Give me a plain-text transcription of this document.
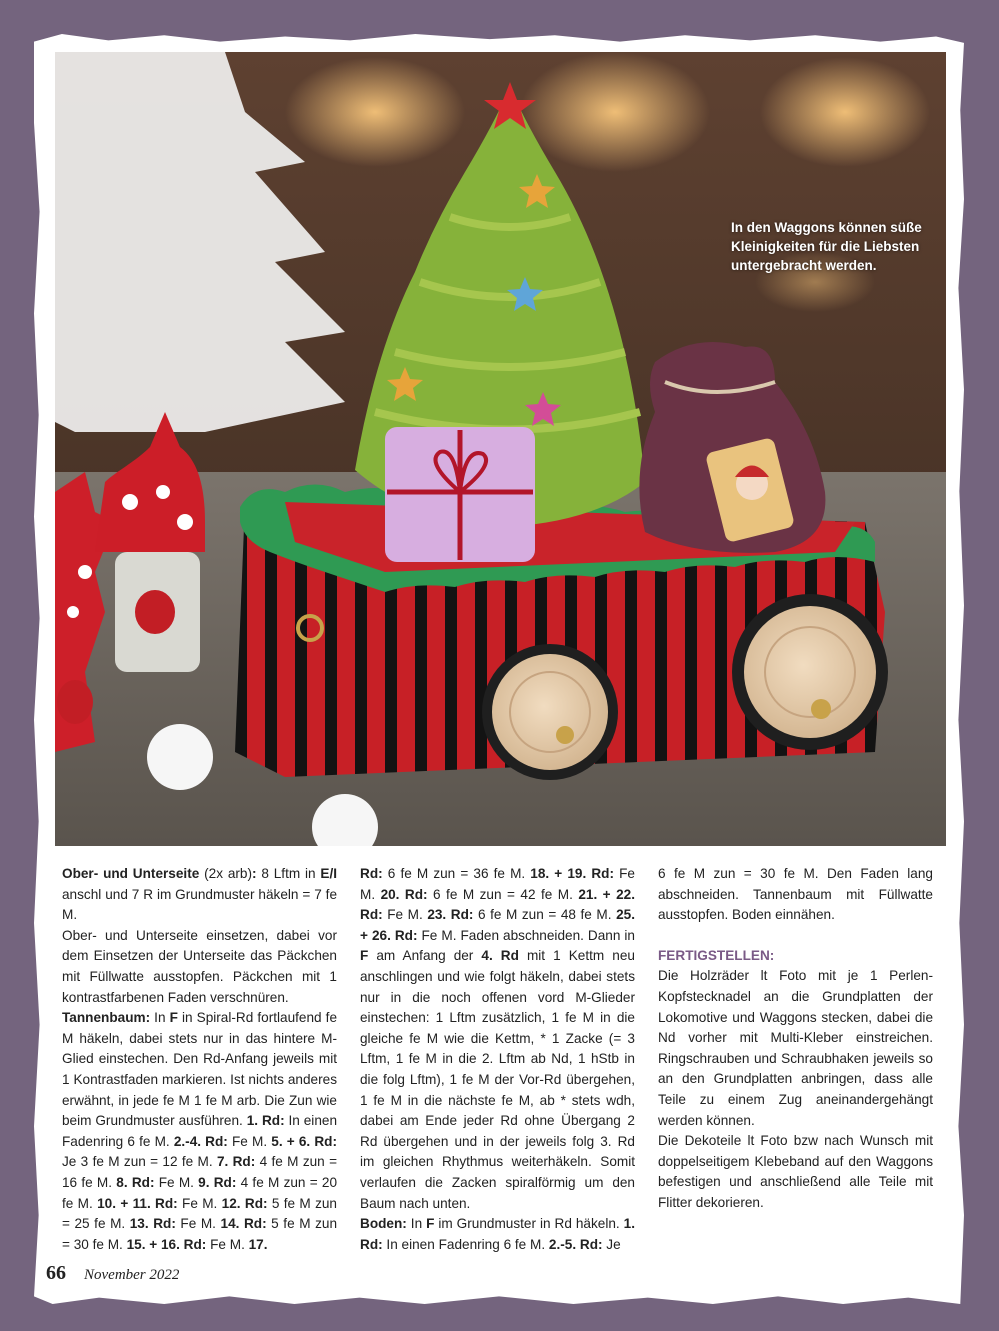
In den Waggons können süße Kleinigkeiten für die Liebsten untergebracht werden.

Ober- und Unterseite (2x arb): 8 Lftm in E/I anschl und 7 R im Grundmuster häkeln = 7 fe M.

Ober- und Unterseite einsetzen, dabei vor dem Einsetzen der Unterseite das Päckchen mit Füllwatte ausstopfen. Päckchen mit 1 kontrastfarbenen Faden verschnüren.

Tannenbaum: In F in Spiral-Rd fortlaufend fe M häkeln, dabei stets nur in das hintere M-Glied einstechen. Den Rd-Anfang jeweils mit 1 Kontrastfaden markieren. Ist nichts anderes erwähnt, in jede fe M 1 fe M arb. Die Zun wie beim Grundmuster ausführen. 1. Rd: In einen Fadenring 6 fe M. 2.-4. Rd: Fe M. 5. + 6. Rd: Je 3 fe M zun = 12 fe M. 7. Rd: 4 fe M zun = 16 fe M. 8. Rd: Fe M. 9. Rd: 4 fe M zun = 20 fe M. 10. + 11. Rd: Fe M. 12. Rd: 5 fe M zun = 25 fe M. 13. Rd: Fe M. 14. Rd: 5 fe M zun = 30 fe M. 15. + 16. Rd: Fe M. 17.

Rd: 6 fe M zun = 36 fe M. 18. + 19. Rd: Fe M. 20. Rd: 6 fe M zun = 42 fe M. 21. + 22. Rd: Fe M. 23. Rd: 6 fe M zun = 48 fe M. 25. + 26. Rd: Fe M. Faden abschneiden. Dann in F am Anfang der 4. Rd mit 1 Kettm neu anschlingen und wie folgt häkeln, dabei stets nur in die noch offenen vord M-Glieder einstechen: 1 Lftm zusätzlich, 1 fe M in die gleiche fe M wie die Kettm, * 1 Zacke (= 3 Lftm, 1 fe M in die 2. Lftm ab Nd, 1 hStb in die folg Lftm), 1 fe M der Vor-Rd übergehen, 1 fe M in die nächste fe M, ab * stets wdh, dabei am Ende jeder Rd ohne Übergang 2 Rd übergehen und in der jeweils folg 3. Rd im gleichen Rhythmus weiterhäkeln. Somit verlaufen die Zacken spiralförmig um den Baum nach unten.

Boden: In F im Grundmuster in Rd häkeln. 1. Rd: In einen Fadenring 6 fe M. 2.-5. Rd: Je

6 fe M zun = 30 fe M. Den Faden lang abschneiden. Tannenbaum mit Füllwatte ausstopfen. Boden einnähen.

FERTIGSTELLEN:

Die Holzräder lt Foto mit je 1 Perlen-Kopfstecknadel an die Grundplatten der Lokomotive und Waggons stecken, dabei die Nd vorher mit Multi-Kleber einstreichen. Ringschrauben und Schraubhaken jeweils so an den Grundplatten anbringen, dass alle Teile zu einem Zug aneinandergehängt werden können.

Die Dekoteile lt Foto bzw nach Wunsch mit doppelseitigem Klebeband auf den Waggons befestigen und anschließend alle Teile mit Flitter dekorieren.

66 November 2022
